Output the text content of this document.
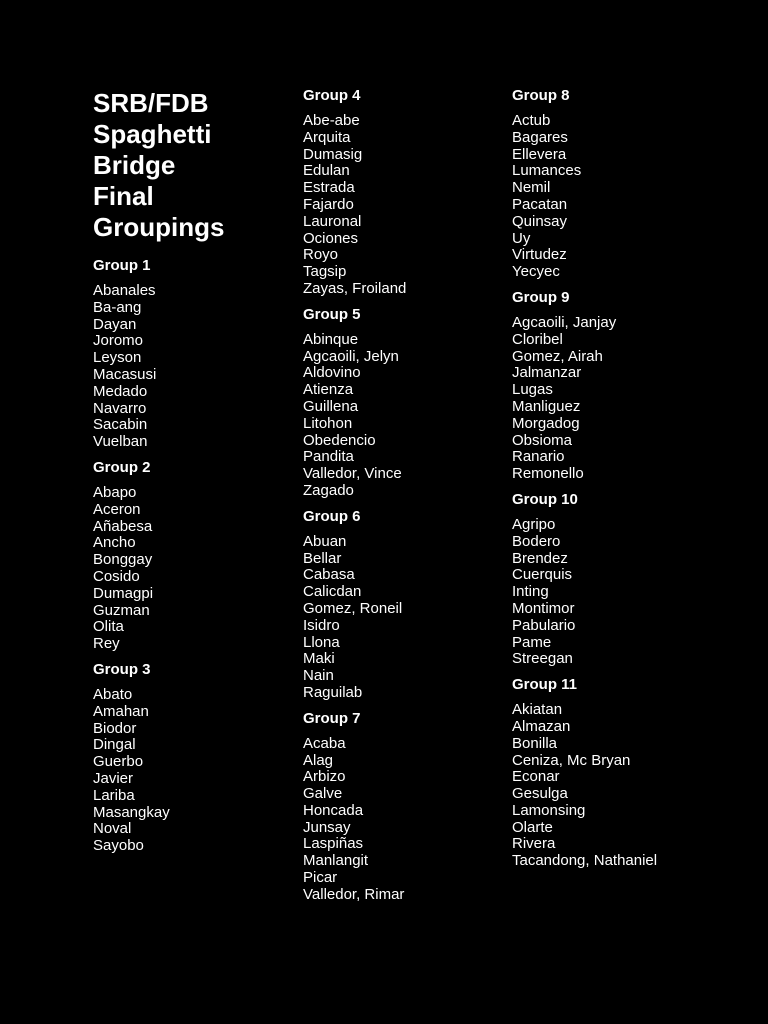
SRB/FDB
Spaghetti
Bridge
Final
Groupings
Group 1
Abanales
Ba-ang
Dayan
Joromo
Leyson
Macasusi
Medado
Navarro
Sacabin
Vuelban
Group 2
Abapo
Aceron
Añabesa
Ancho
Bonggay
Cosido
Dumagpi
Guzman
Olita
Rey
Group 3
Abato
Amahan
Biodor
Dingal
Guerbo
Javier
Lariba
Masangkay
Noval
Sayobo
Group 4
Abe-abe
Arquita
Dumasig
Edulan
Estrada
Fajardo
Lauronal
Ociones
Royo
Tagsip
Zayas, Froiland
Group 5
Abinque
Agcaoili, Jelyn
Aldovino
Atienza
Guillena
Litohon
Obedencio
Pandita
Valledor, Vince
Zagado
Group 6
Abuan
Bellar
Cabasa
Calicdan
Gomez, Roneil
Isidro
Llona
Maki
Nain
Raguilab
Group 7
Acaba
Alag
Arbizo
Galve
Honcada
Junsay
Laspiñas
Manlangit
Picar
Valledor, Rimar
Group 8
Actub
Bagares
Ellevera
Lumances
Nemil
Pacatan
Quinsay
Uy
Virtudez
Yecyec
Group 9
Agcaoili, Janjay
Cloribel
Gomez, Airah
Jalmanzar
Lugas
Manliguez
Morgadog
Obsioma
Ranario
Remonello
Group 10
Agripo
Bodero
Brendez
Cuerquis
Inting
Montimor
Pabulario
Pame
Streegan
Group 11
Akiatan
Almazan
Bonilla
Ceniza, Mc Bryan
Econar
Gesulga
Lamonsing
Olarte
Rivera
Tacandong, Nathaniel
